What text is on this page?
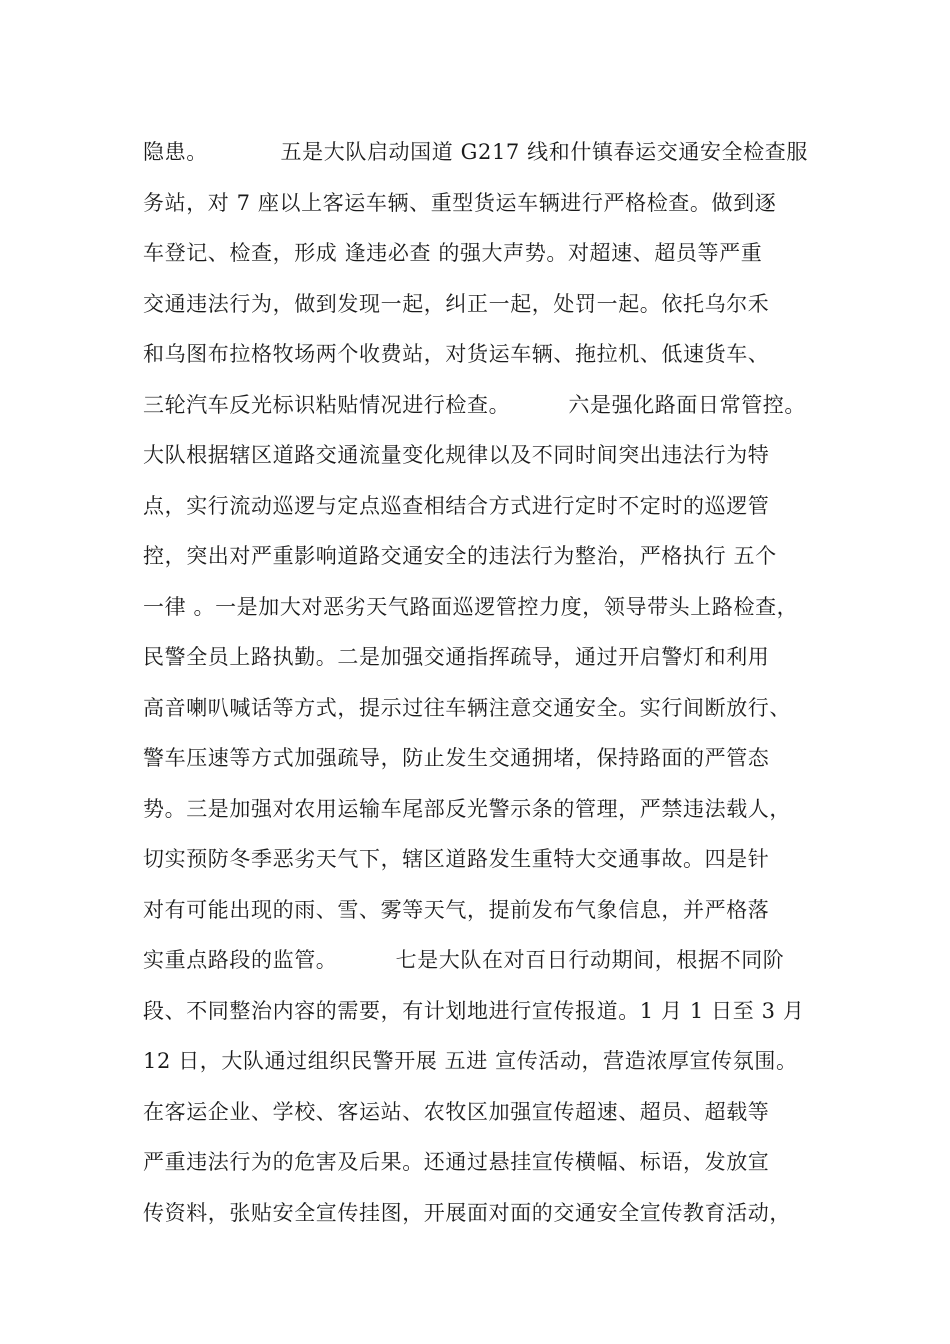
隐患。          五是大队启动国道 G217 线和什镇春运交通安全检查服
务站，对 7 座以上客运车辆、重型货运车辆进行严格检查。做到逐
车登记、检查，形成 逢违必查 的强大声势。对超速、超员等严重
交通违法行为，做到发现一起，纠正一起，处罚一起。依托乌尔禾
和乌图布拉格牧场两个收费站，对货运车辆、拖拉机、低速货车、
三轮汽车反光标识粘贴情况进行检查。        六是强化路面日常管控。
大队根据辖区道路交通流量变化规律以及不同时间突出违法行为特
点，实行流动巡逻与定点巡查相结合方式进行定时不定时的巡逻管
控，突出对严重影响道路交通安全的违法行为整治，严格执行 五个
一律 。一是加大对恶劣天气路面巡逻管控力度，领导带头上路检查，
民警全员上路执勤。二是加强交通指挥疏导，通过开启警灯和利用
高音喇叭喊话等方式，提示过往车辆注意交通安全。实行间断放行、
警车压速等方式加强疏导，防止发生交通拥堵，保持路面的严管态
势。三是加强对农用运输车尾部反光警示条的管理，严禁违法载人，
切实预防冬季恶劣天气下，辖区道路发生重特大交通事故。四是针
对有可能出现的雨、雪、雾等天气，提前发布气象信息，并严格落
实重点路段的监管。        七是大队在对百日行动期间，根据不同阶
段、不同整治内容的需要，有计划地进行宣传报道。1 月 1 日至 3 月
12 日，大队通过组织民警开展 五进 宣传活动，营造浓厚宣传氛围。
在客运企业、学校、客运站、农牧区加强宣传超速、超员、超载等
严重违法行为的危害及后果。还通过悬挂宣传横幅、标语，发放宣
传资料，张贴安全宣传挂图，开展面对面的交通安全宣传教育活动，
